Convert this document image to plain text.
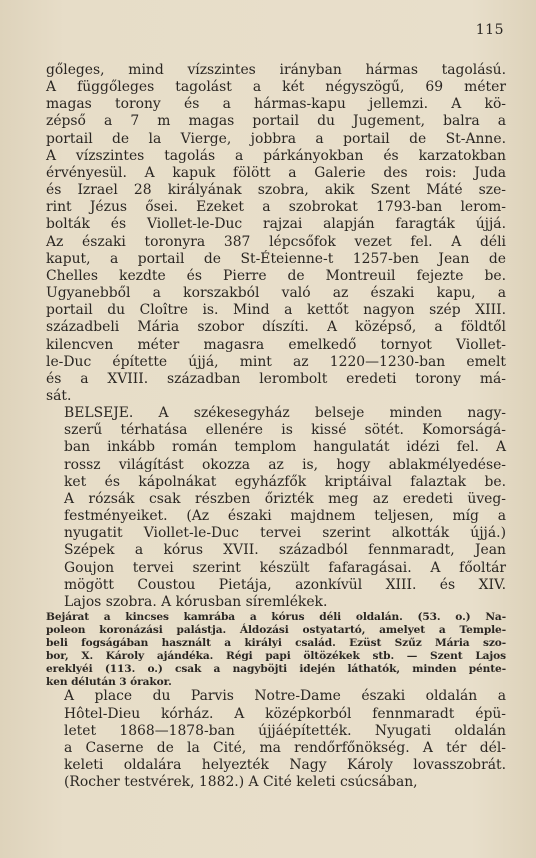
115

gőleges, mind vízszintes irányban hármas tagolású.
A függőleges tagolást a két négyszögű, 69 méter
magas torony és a hármas-kapu jellemzi. A kö-
zépső a 7 m magas portail du Jugement, balra a
portail de la Vierge, jobbra a portail de St-Anne.
A vízszintes tagolás a párkányokban és karzatokban
érvényesül. A kapuk fölött a Galerie des rois: Juda
és Izrael 28 királyának szobra, akik Szent Máté sze-
rint Jézus ősei. Ezeket a szobrokat 1793-ban lerom-
bolták és Viollet-le-Duc rajzai alapján faragták újjá.
Az északi toronyra 387 lépcsőfok vezet fel. A déli
kaput, a portail de St-Éteienne-t 1257-ben Jean de
Chelles kezdte és Pierre de Montreuil fejezte be.
Ugyanebből a korszakból való az északi kapu, a
portail du Cloître is. Mind a kettőt nagyon szép XIII.
századbeli Mária szobor díszíti. A középső, a földtől
kilencven méter magasra emelkedő tornyot Viollet-
le-Duc építette újjá, mint az 1220—1230-ban emelt
és a XVIII. században lerombolt eredeti torony má-
sát.

BELSEJE. A székesegyház belseje minden nagy-
szerű térhatása ellenére is kissé sötét. Komorságá-
ban inkább román templom hangulatát idézi fel. A
rossz világítást okozza az is, hogy ablakmélyedése-
ket és kápolnákat egyházfők kriptáival falaztak be.
A rózsák csak részben őrizték meg az eredeti üveg-
festményeiket. (Az északi majdnem teljesen, míg a
nyugatit Viollet-le-Duc tervei szerint alkották újjá.)
Szépek a kórus XVII. századból fennmaradt, Jean
Goujon tervei szerint készült fafaragásai. A főoltár
mögött Coustou Pietája, azonkívül XIII. és XIV.
Lajos szobra. A kórusban síremlékek.

Bejárat a kincses kamrába a kórus déli oldalán. (53. o.) Na-
poleon koronázási palástja. Áldozási ostyatartó, amelyet a Temple-
beli fogságában használt a királyi család. Ezüst Szűz Mária szo-
bor, X. Károly ajándéka. Régi papi öltözékek stb. — Szent Lajos
ereklyéi (113. o.) csak a nagyböjti idején láthatók, minden pénte-
ken délután 3 órakor.

A place du Parvis Notre-Dame északi oldalán a
Hôtel-Dieu kórház. A középkorból fennmaradt épü-
letet 1868—1878-ban újjáépítették. Nyugati oldalán
a Caserne de la Cité, ma rendőrfőnökség. A tér dél-
keleti oldalára helyezték Nagy Károly lovasszobrát.
(Rocher testvérek, 1882.) A Cité keleti csúcsában,
